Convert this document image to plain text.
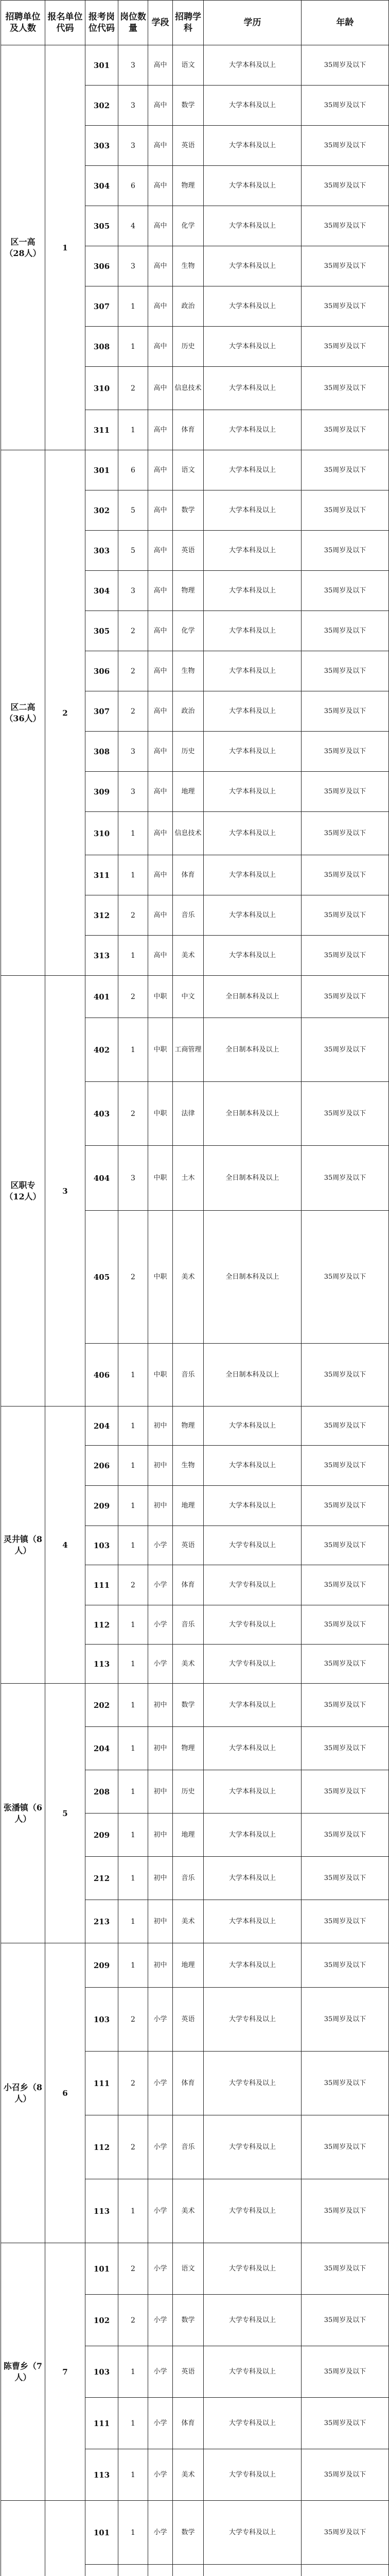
招聘单位及人数	报名单位代码	报考岗位代码	岗位数量	学段	招聘学科	学历	年龄
区一高（28人）	1	301	3	高中	语文	大学本科及以上	35周岁及以下
		302	3	高中	数学	大学本科及以上	35周岁及以下
		303	3	高中	英语	大学本科及以上	35周岁及以下
		304	6	高中	物理	大学本科及以上	35周岁及以下
		305	4	高中	化学	大学本科及以上	35周岁及以下
		306	3	高中	生物	大学本科及以上	35周岁及以下
		307	1	高中	政治	大学本科及以上	35周岁及以下
		308	1	高中	历史	大学本科及以上	35周岁及以下
		310	2	高中	信息技术	大学本科及以上	35周岁及以下
		311	1	高中	体育	大学本科及以上	35周岁及以下
区二高（36人）	2	301	6	高中	语文	大学本科及以上	35周岁及以下
		302	5	高中	数学	大学本科及以上	35周岁及以下
		303	5	高中	英语	大学本科及以上	35周岁及以下
		304	3	高中	物理	大学本科及以上	35周岁及以下
		305	2	高中	化学	大学本科及以上	35周岁及以下
		306	2	高中	生物	大学本科及以上	35周岁及以下
		307	2	高中	政治	大学本科及以上	35周岁及以下
		308	3	高中	历史	大学本科及以上	35周岁及以下
		309	3	高中	地理	大学本科及以上	35周岁及以下
		310	1	高中	信息技术	大学本科及以上	35周岁及以下
		311	1	高中	体育	大学本科及以上	35周岁及以下
		312	2	高中	音乐	大学本科及以上	35周岁及以下
		313	1	高中	美术	大学本科及以上	35周岁及以下
区职专（12人）	3	401	2	中职	中文	全日制本科及以上	35周岁及以下
		402	1	中职	工商管理	全日制本科及以上	35周岁及以下
		403	2	中职	法律	全日制本科及以上	35周岁及以下
		404	3	中职	土木	全日制本科及以上	35周岁及以下
		405	2	中职	美术	全日制本科及以上	35周岁及以下
		406	1	中职	音乐	全日制本科及以上	35周岁及以下
灵井镇（8人）	4	204	1	初中	物理	大学本科及以上	35周岁及以下
		206	1	初中	生物	大学本科及以上	35周岁及以下
		209	1	初中	地理	大学本科及以上	35周岁及以下
		103	1	小学	英语	大学专科及以上	35周岁及以下
		111	2	小学	体育	大学专科及以上	35周岁及以下
		112	1	小学	音乐	大学专科及以上	35周岁及以下
		113	1	小学	美术	大学专科及以上	35周岁及以下
张潘镇（6人）	5	202	1	初中	数学	大学本科及以上	35周岁及以下
		204	1	初中	物理	大学本科及以上	35周岁及以下
		208	1	初中	历史	大学本科及以上	35周岁及以下
		209	1	初中	地理	大学本科及以上	35周岁及以下
		212	1	初中	音乐	大学本科及以上	35周岁及以下
		213	1	初中	美术	大学本科及以上	35周岁及以下
小召乡（8人）	6	209	1	初中	地理	大学本科及以上	35周岁及以下
		103	2	小学	英语	大学专科及以上	35周岁及以下
		111	2	小学	体育	大学专科及以上	35周岁及以下
		112	2	小学	音乐	大学专科及以上	35周岁及以下
		113	1	小学	美术	大学专科及以上	35周岁及以下
陈曹乡（7人）	7	101	2	小学	语文	大学专科及以上	35周岁及以下
		102	2	小学	数学	大学专科及以上	35周岁及以下
		103	1	小学	英语	大学专科及以上	35周岁及以下
		111	1	小学	体育	大学专科及以上	35周岁及以下
		113	1	小学	美术	大学专科及以上	35周岁及以下
		101	1	小学	数学	大学专科及以上	35周岁及以下
